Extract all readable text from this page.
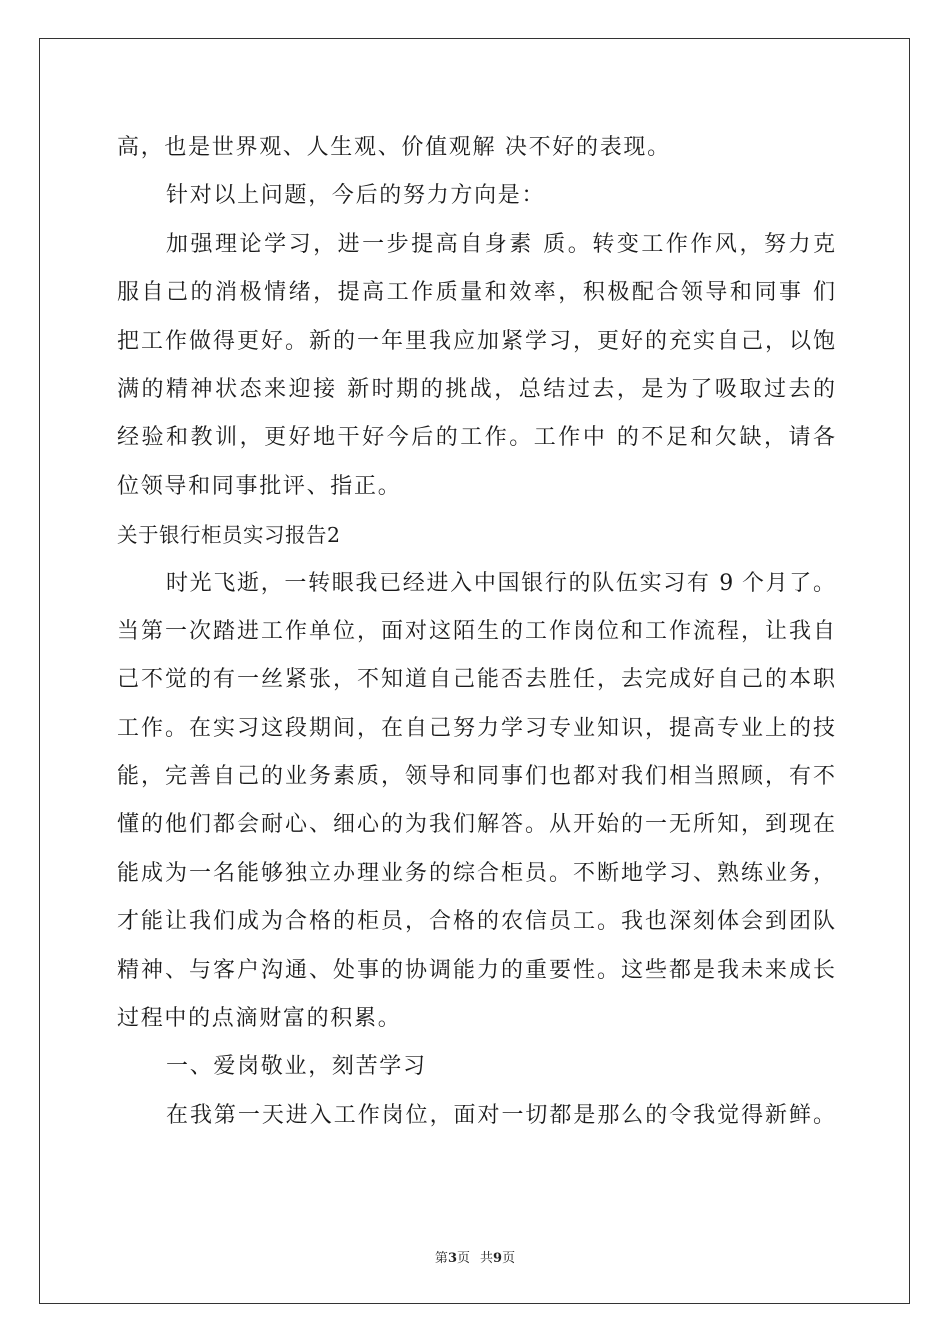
高，也是世界观、人生观、价值观解 决不好的表现。
针对以上问题，今后的努力方向是：
加强理论学习，进一步提高自身素 质。转变工作作风，努力克
服自己的消极情绪，提高工作质量和效率，积极配合领导和同事 们
把工作做得更好。新的一年里我应加紧学习，更好的充实自己，以饱
满的精神状态来迎接 新时期的挑战，总结过去，是为了吸取过去的
经验和教训，更好地干好今后的工作。工作中 的不足和欠缺，请各
位领导和同事批评、指正。
关于银行柜员实习报告2
时光飞逝，一转眼我已经进入中国银行的队伍实习有 9 个月了。
当第一次踏进工作单位，面对这陌生的工作岗位和工作流程，让我自
己不觉的有一丝紧张，不知道自己能否去胜任，去完成好自己的本职
工作。在实习这段期间，在自己努力学习专业知识，提高专业上的技
能，完善自己的业务素质，领导和同事们也都对我们相当照顾，有不
懂的他们都会耐心、细心的为我们解答。从开始的一无所知，到现在
能成为一名能够独立办理业务的综合柜员。不断地学习、熟练业务，
才能让我们成为合格的柜员，合格的农信员工。我也深刻体会到团队
精神、与客户沟通、处事的协调能力的重要性。这些都是我未来成长
过程中的点滴财富的积累。
一、爱岗敬业，刻苦学习
在我第一天进入工作岗位，面对一切都是那么的令我觉得新鲜。
第3页 共9页
